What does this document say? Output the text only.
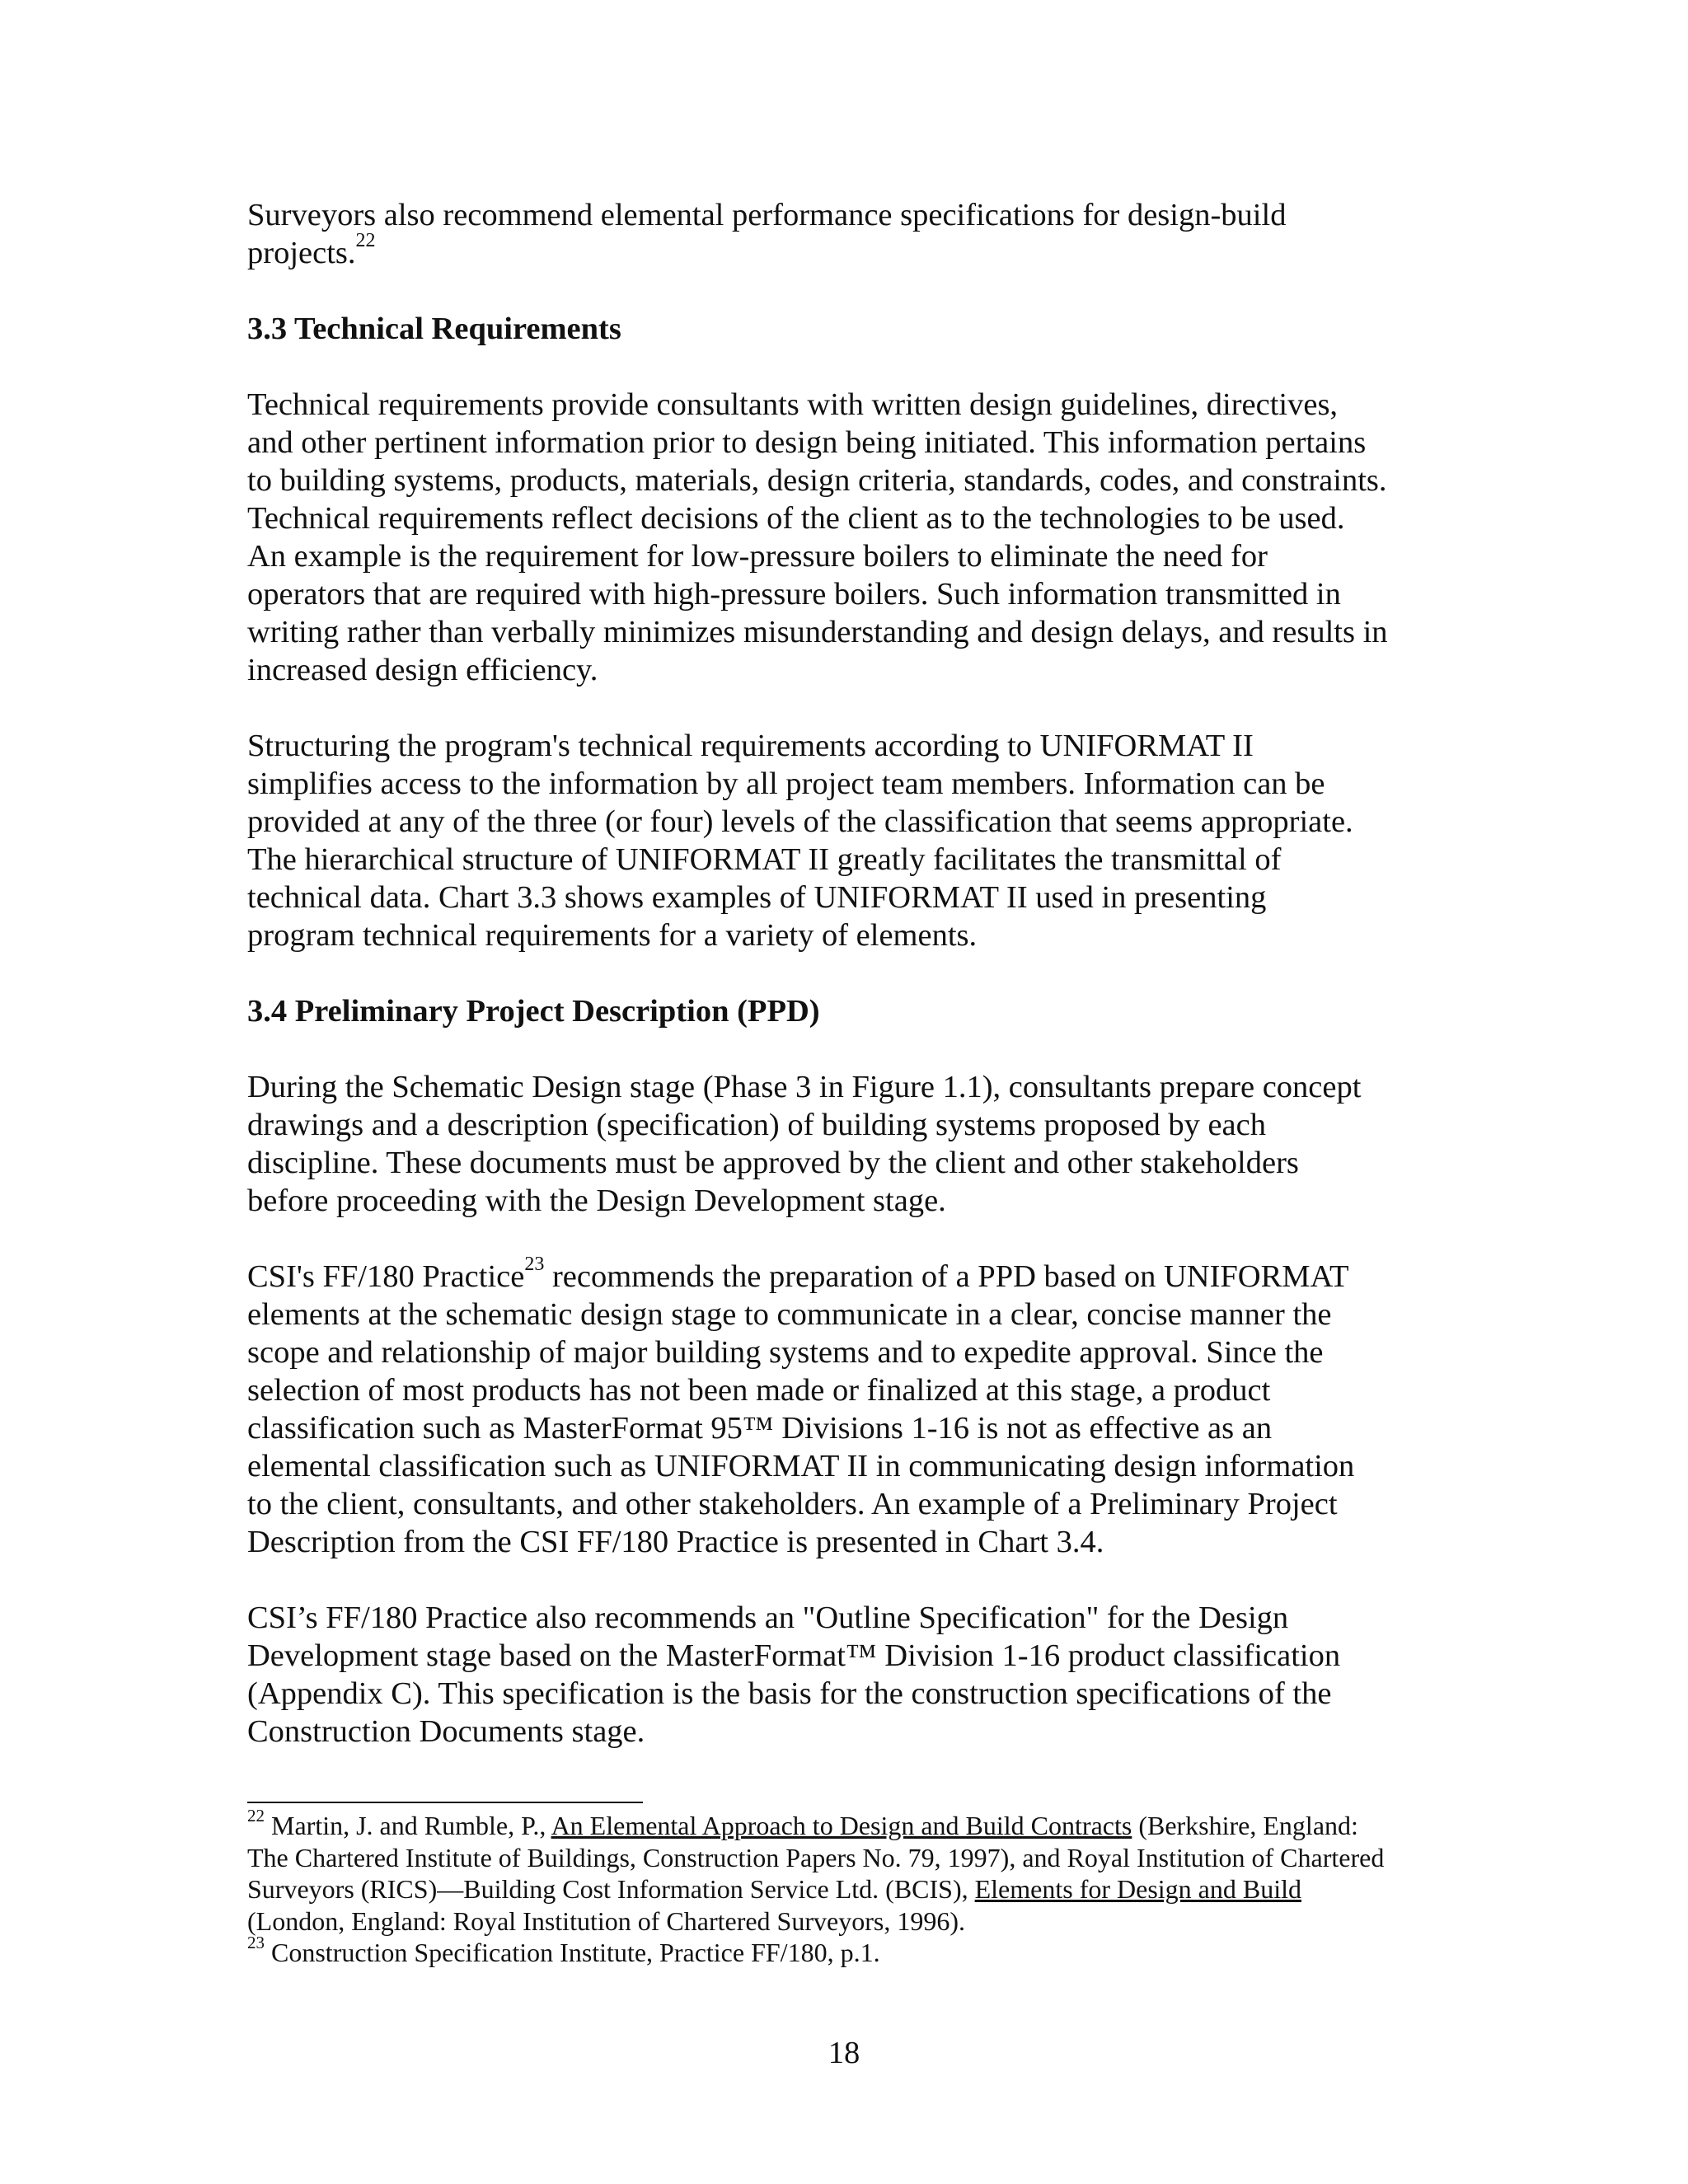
Surveyors also recommend elemental performance specifications for design-build
projects.$^{22}$

3.3 Technical Requirements

Technical requirements provide consultants with written design guidelines, directives,
and other pertinent information prior to design being initiated. This information pertains
to building systems, products, materials, design criteria, standards, codes, and constraints.
Technical requirements reflect decisions of the client as to the technologies to be used.
An example is the requirement for low-pressure boilers to eliminate the need for
operators that are required with high-pressure boilers. Such information transmitted in
writing rather than verbally minimizes misunderstanding and design delays, and results in
increased design efficiency.

Structuring the program's technical requirements according to UNIFORMAT II
simplifies access to the information by all project team members. Information can be
provided at any of the three (or four) levels of the classification that seems appropriate.
The hierarchical structure of UNIFORMAT II greatly facilitates the transmittal of
technical data. Chart 3.3 shows examples of UNIFORMAT II used in presenting
program technical requirements for a variety of elements.

3.4 Preliminary Project Description (PPD)

During the Schematic Design stage (Phase 3 in Figure 1.1), consultants prepare concept
drawings and a description (specification) of building systems proposed by each
discipline. These documents must be approved by the client and other stakeholders
before proceeding with the Design Development stage.

CSI's FF/180 Practice$^{23}$ recommends the preparation of a PPD based on UNIFORMAT
elements at the schematic design stage to communicate in a clear, concise manner the
scope and relationship of major building systems and to expedite approval. Since the
selection of most products has not been made or finalized at this stage, a product
classification such as MasterFormat 95™ Divisions 1-16 is not as effective as an
elemental classification such as UNIFORMAT II in communicating design information
to the client, consultants, and other stakeholders. An example of a Preliminary Project
Description from the CSI FF/180 Practice is presented in Chart 3.4.

CSI’s FF/180 Practice also recommends an "Outline Specification" for the Design
Development stage based on the MasterFormat™ Division 1-16 product classification
(Appendix C). This specification is the basis for the construction specifications of the
Construction Documents stage.

$^{22}$ Martin, J. and Rumble, P., An Elemental Approach to Design and Build Contracts (Berkshire, England:
The Chartered Institute of Buildings, Construction Papers No. 79, 1997), and Royal Institution of Chartered
Surveyors (RICS)—Building Cost Information Service Ltd. (BCIS), Elements for Design and Build
(London, England: Royal Institution of Chartered Surveyors, 1996).
$^{23}$ Construction Specification Institute, Practice FF/180, p.1.
18
